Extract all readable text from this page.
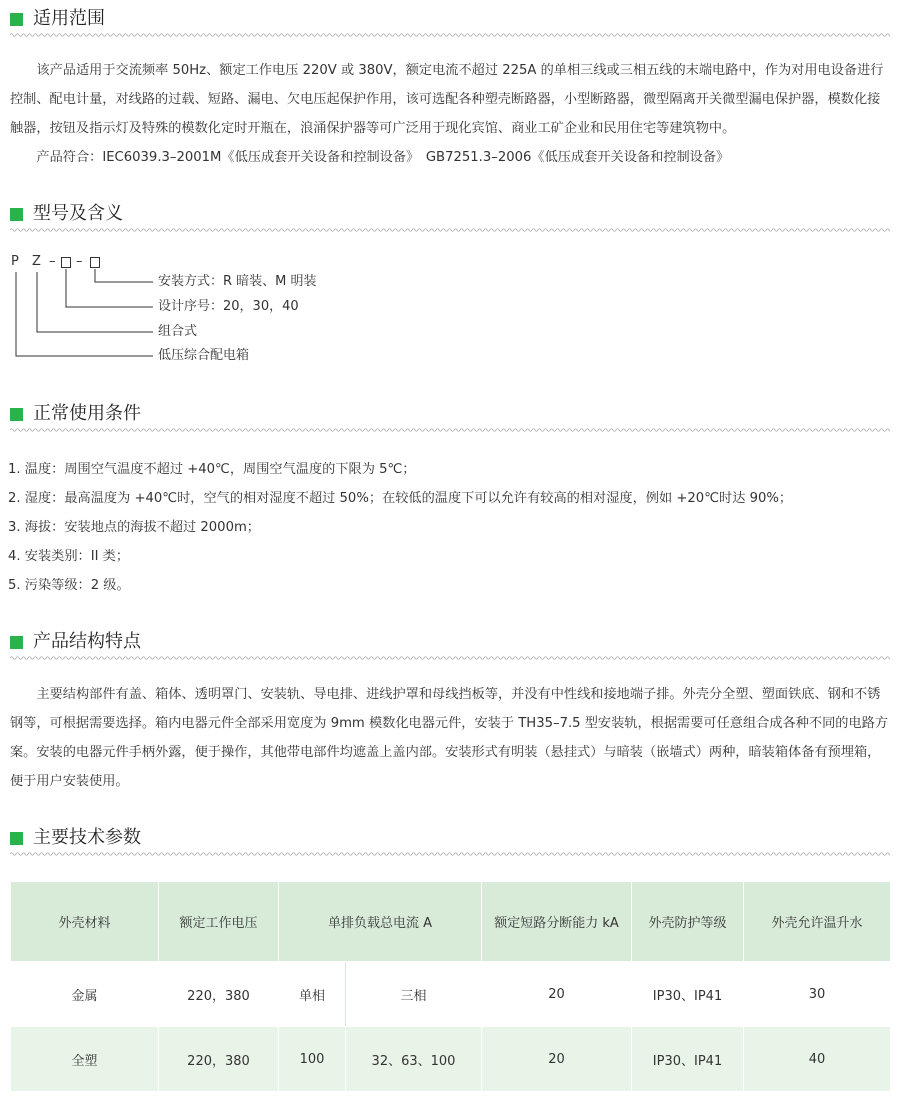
适用范围

该产品适用于交流频率 50Hz、额定工作电压 220V 或 380V，额定电流不超过 225A 的单相三线或三相五线的末端电路中，作为对用电设备进行控制、配电计量，对线路的过载、短路、漏电、欠电压起保护作用，该可选配各种塑壳断路器，小型断路器，微型隔离开关微型漏电保护器，模数化接触器，按钮及指示灯及特殊的模数化定时开瓶在，浪涌保护器等可广泛用于现化宾馆、商业工矿企业和民用住宅等建筑物中。

产品符合：IEC6039.3–2001M《低压成套开关设备和控制设备》　GB7251.3–2006《低压成套开关设备和控制设备》

型号及含义
P Z – –
安装方式：R 暗装、M 明装
设计序号：20，30，40
组合式
低压综合配电箱
正常使用条件
1. 温度：周围空气温度不超过 +40℃，周围空气温度的下限为 5℃；
2. 湿度：最高温度为 +40℃时，空气的相对湿度不超过 50%；在较低的温度下可以允许有较高的相对湿度，例如 +20℃时达 90%；
3. 海拔：安装地点的海拔不超过 2000m；
4. 安装类别：II 类；
5. 污染等级：2 级。
产品结构特点

主要结构部件有盖、箱体、透明罩门、安装轨、导电排、进线护罩和母线挡板等，并没有中性线和接地端子排。外壳分全塑、塑面铁底、钢和不锈钢等，可根据需要选择。箱内电器元件全部采用宽度为 9mm 模数化电器元件，安装于 TH35–7.5 型安装轨，根据需要可任意组合成各种不同的电路方案。安装的电器元件手柄外露，便于操作，其他带电部件均遮盖上盖内部。安装形式有明装（悬挂式）与暗装（嵌墙式）两种，暗装箱体备有预埋箱，便于用户安装使用。

主要技术参数
外壳材料	额定工作电压	单排负载总电流 A		额定短路分断能力 kA	外壳防护等级	外壳允许温升水
金属	220，380	单相	三相	20	IP30、IP41	30
全塑	220，380	100	32、63、100	20	IP30、IP41	40
